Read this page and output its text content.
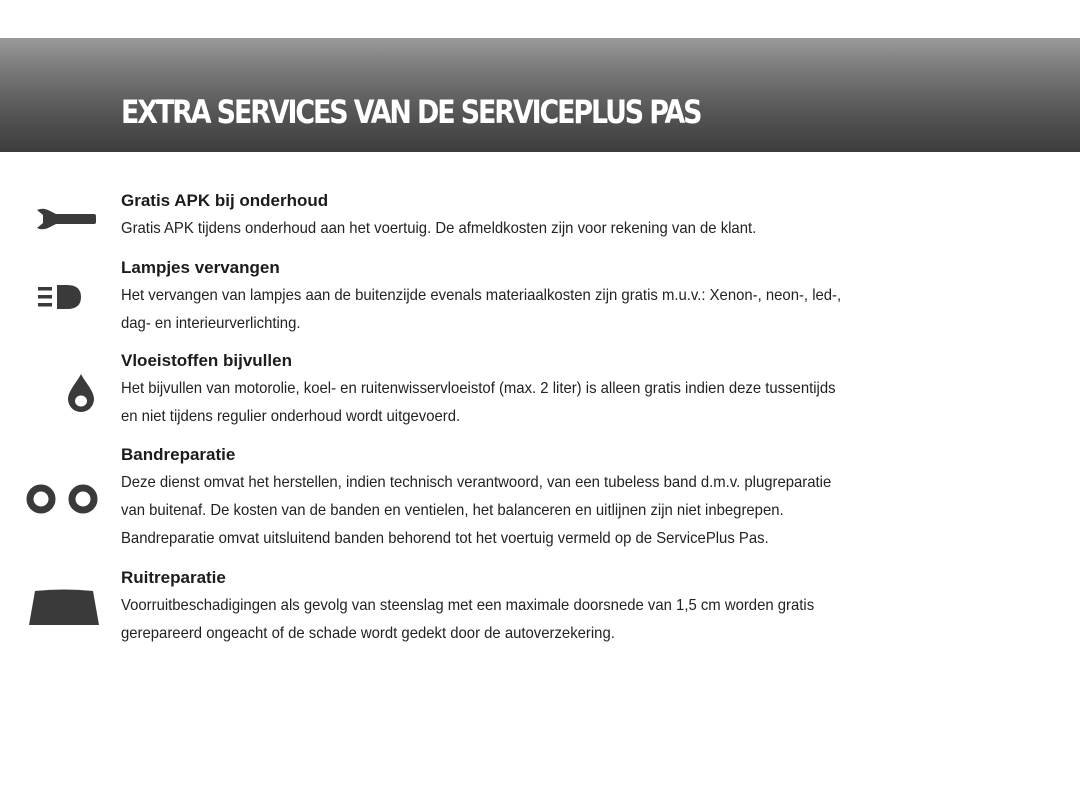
EXTRA SERVICES VAN DE SERVICEPLUS PAS

Gratis APK bij onderhoud

Gratis APK tijdens onderhoud aan het voertuig. De afmeldkosten zijn voor rekening van de klant.

Lampjes vervangen

Het vervangen van lampjes aan de buitenzijde evenals materiaalkosten zijn gratis m.u.v.: Xenon-, neon-, led-,
dag- en interieurverlichting.

Vloeistoffen bijvullen

Het bijvullen van motorolie, koel- en ruitenwisservloeistof (max. 2 liter) is alleen gratis indien deze tussentijds
en niet tijdens regulier onderhoud wordt uitgevoerd.

Bandreparatie

Deze dienst omvat het herstellen, indien technisch verantwoord, van een tubeless band d.m.v. plugreparatie
van buitenaf. De kosten van de banden en ventielen, het balanceren en uitlijnen zijn niet inbegrepen.
Bandreparatie omvat uitsluitend banden behorend tot het voertuig vermeld op de ServicePlus Pas.

Ruitreparatie

Voorruitbeschadigingen als gevolg van steenslag met een maximale doorsnede van 1,5 cm worden gratis
gerepareerd ongeacht of de schade wordt gedekt door de autoverzekering.
